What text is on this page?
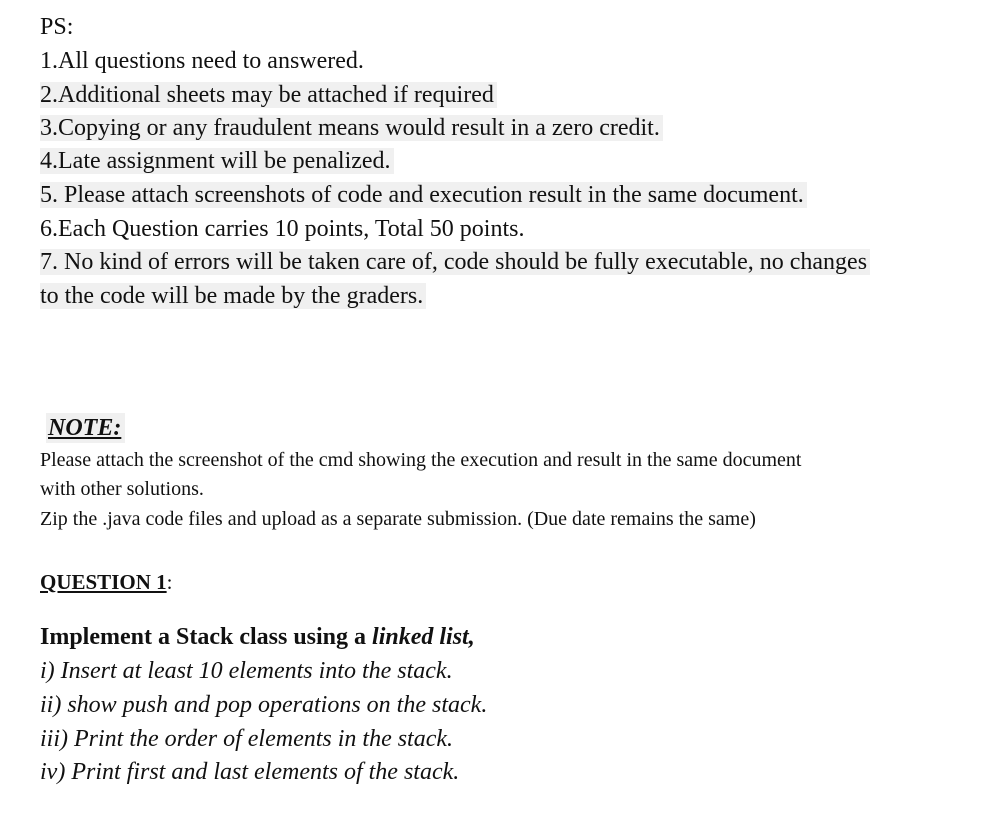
PS:
1.All questions need to answered.
2.Additional sheets may be attached if required
3.Copying or any fraudulent means would result in a zero credit.
4.Late assignment will be penalized.
5. Please attach screenshots of code and execution result in the same document.
6.Each Question carries 10 points, Total 50 points.
7. No kind of errors will be taken care of, code should be fully executable, no changes
to the code will be made by the graders.
NOTE:
Please attach the screenshot of the cmd showing the execution and result in the same document
with other solutions.
Zip the .java code files and upload as a separate submission. (Due date remains the same)
QUESTION 1:
Implement a Stack class using a linked list,
i) Insert at least 10 elements into the stack.
ii) show push and pop operations on the stack.
iii) Print the order of elements in the stack.
iv) Print first and last elements of the stack.
